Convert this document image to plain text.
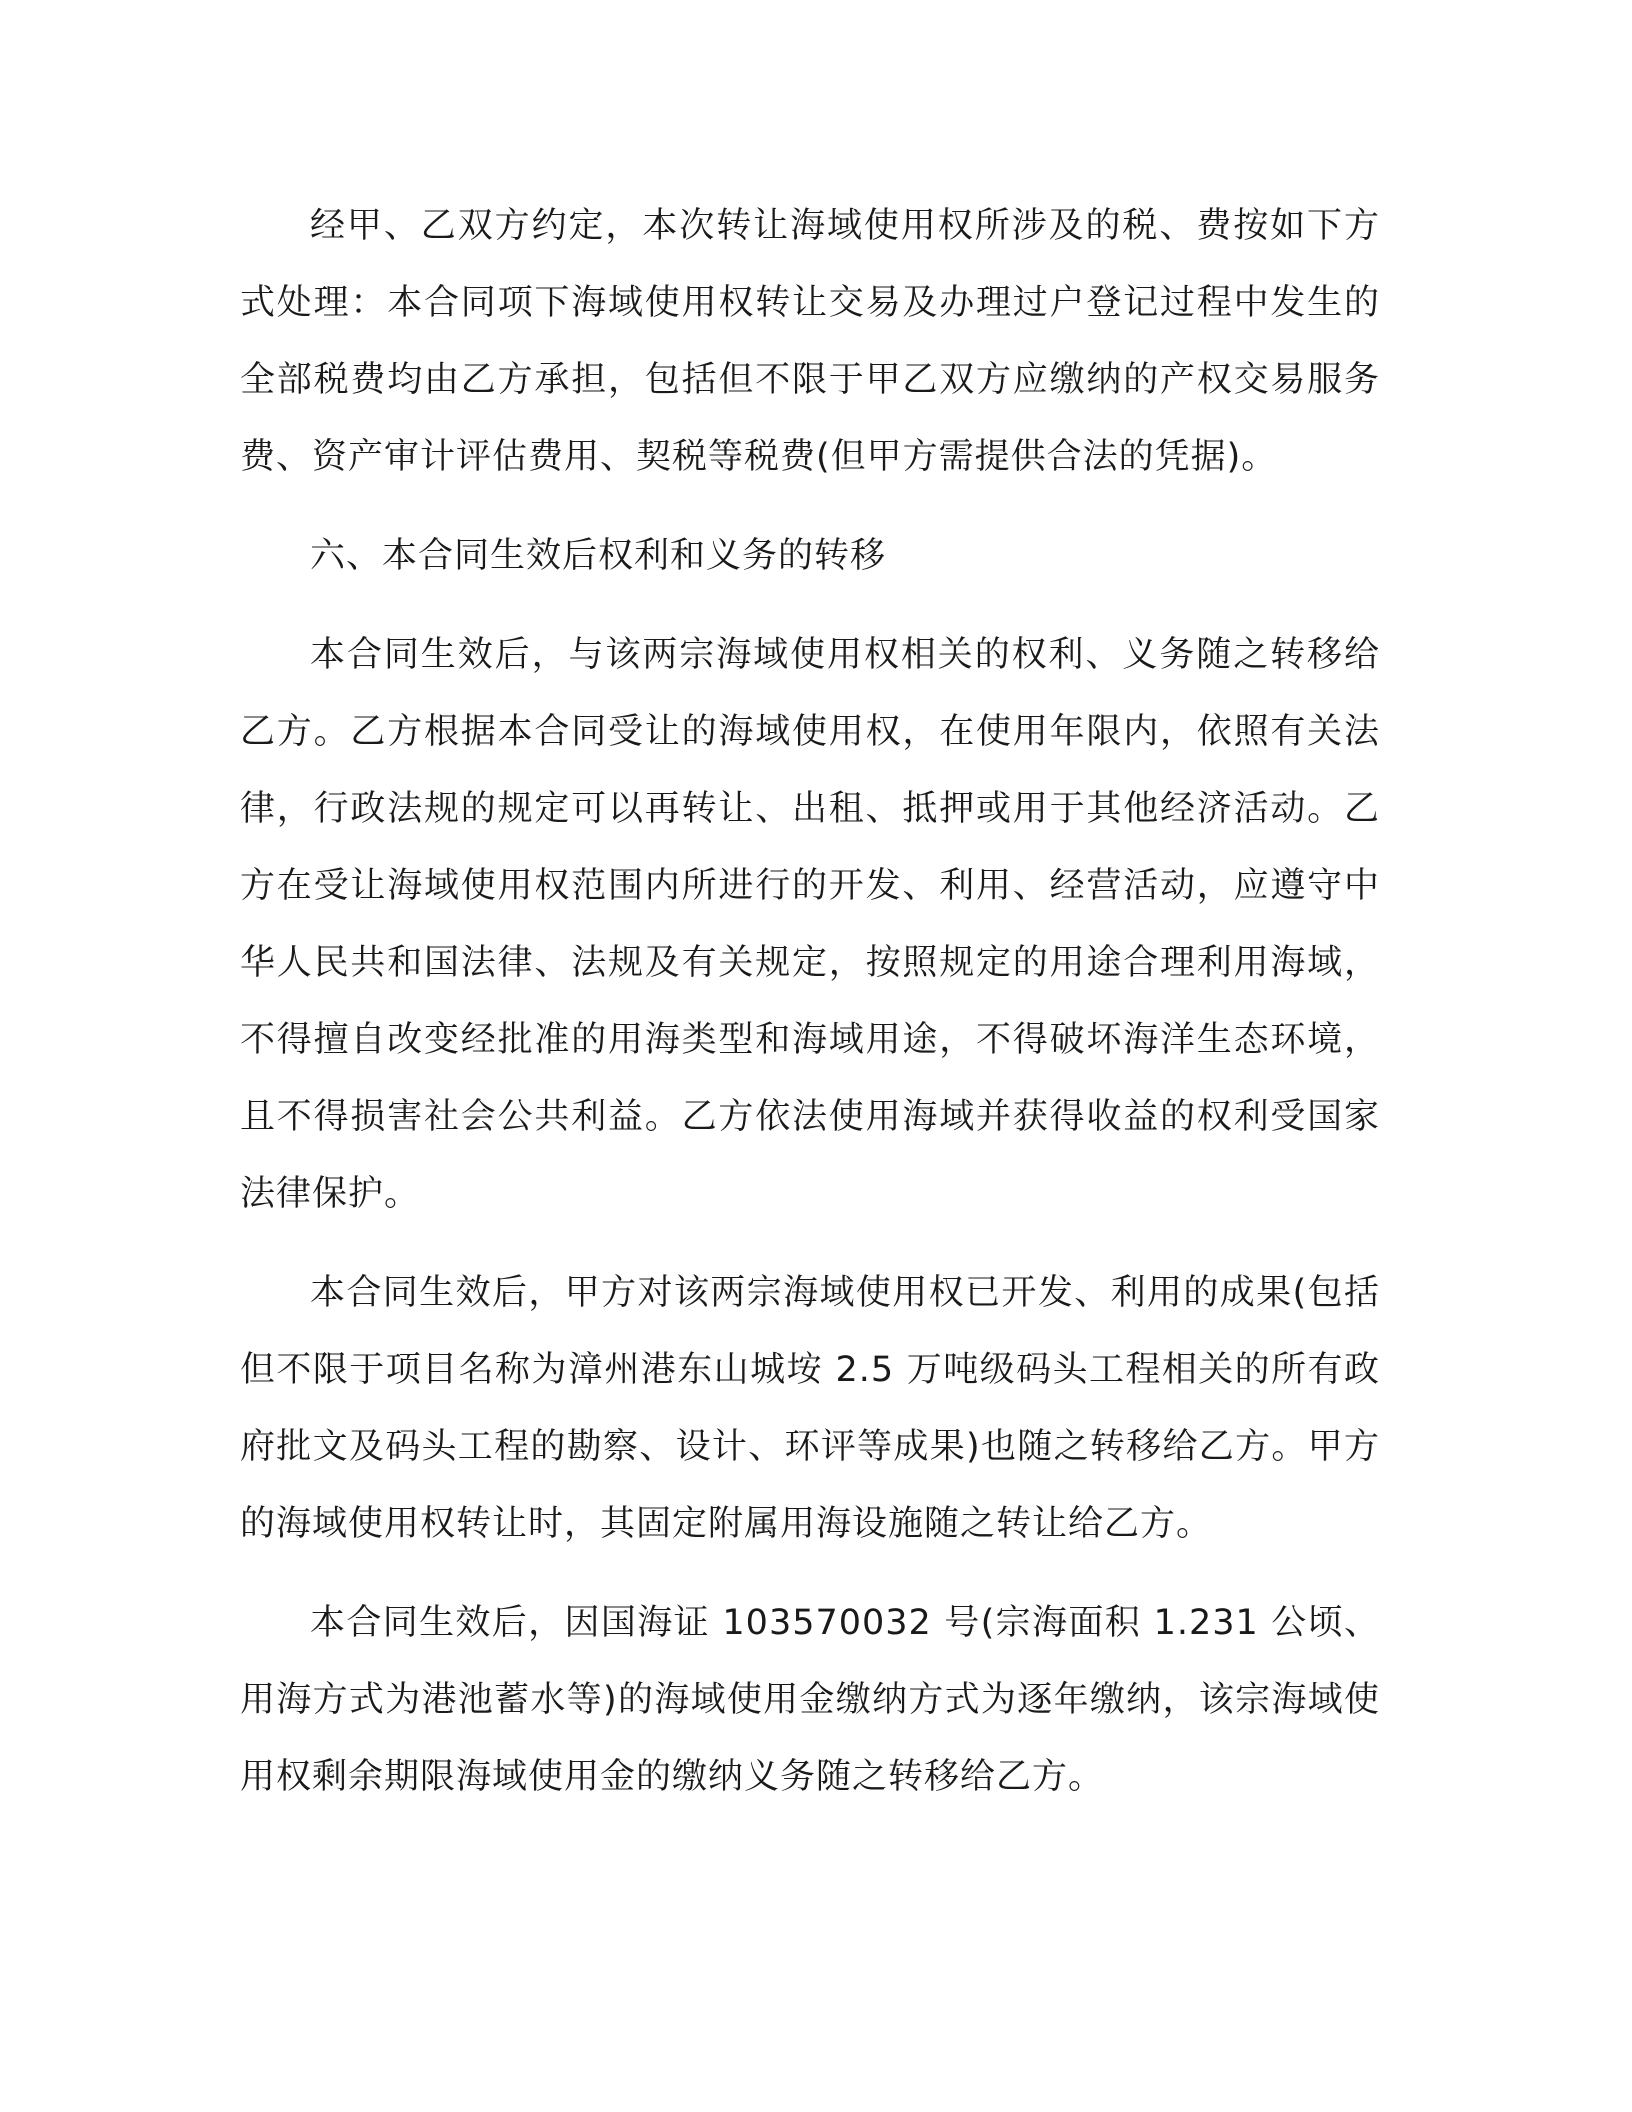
经甲、乙双方约定，本次转让海域使用权所涉及的税、费按如下方式处理：本合同项下海域使用权转让交易及办理过户登记过程中发生的全部税费均由乙方承担，包括但不限于甲乙双方应缴纳的产权交易服务费、资产审计评估费用、契税等税费(但甲方需提供合法的凭据)。

六、本合同生效后权利和义务的转移

本合同生效后，与该两宗海域使用权相关的权利、义务随之转移给乙方。乙方根据本合同受让的海域使用权，在使用年限内，依照有关法律，行政法规的规定可以再转让、出租、抵押或用于其他经济活动。乙方在受让海域使用权范围内所进行的开发、利用、经营活动，应遵守中华人民共和国法律、法规及有关规定，按照规定的用途合理利用海域，不得擅自改变经批准的用海类型和海域用途，不得破坏海洋生态环境，且不得损害社会公共利益。乙方依法使用海域并获得收益的权利受国家法律保护。

本合同生效后，甲方对该两宗海域使用权已开发、利用的成果(包括但不限于项目名称为漳州港东山城垵 2.5 万吨级码头工程相关的所有政府批文及码头工程的勘察、设计、环评等成果)也随之转移给乙方。甲方的海域使用权转让时，其固定附属用海设施随之转让给乙方。

本合同生效后，因国海证 103570032 号(宗海面积 1.231 公顷、用海方式为港池蓄水等)的海域使用金缴纳方式为逐年缴纳，该宗海域使用权剩余期限海域使用金的缴纳义务随之转移给乙方。
